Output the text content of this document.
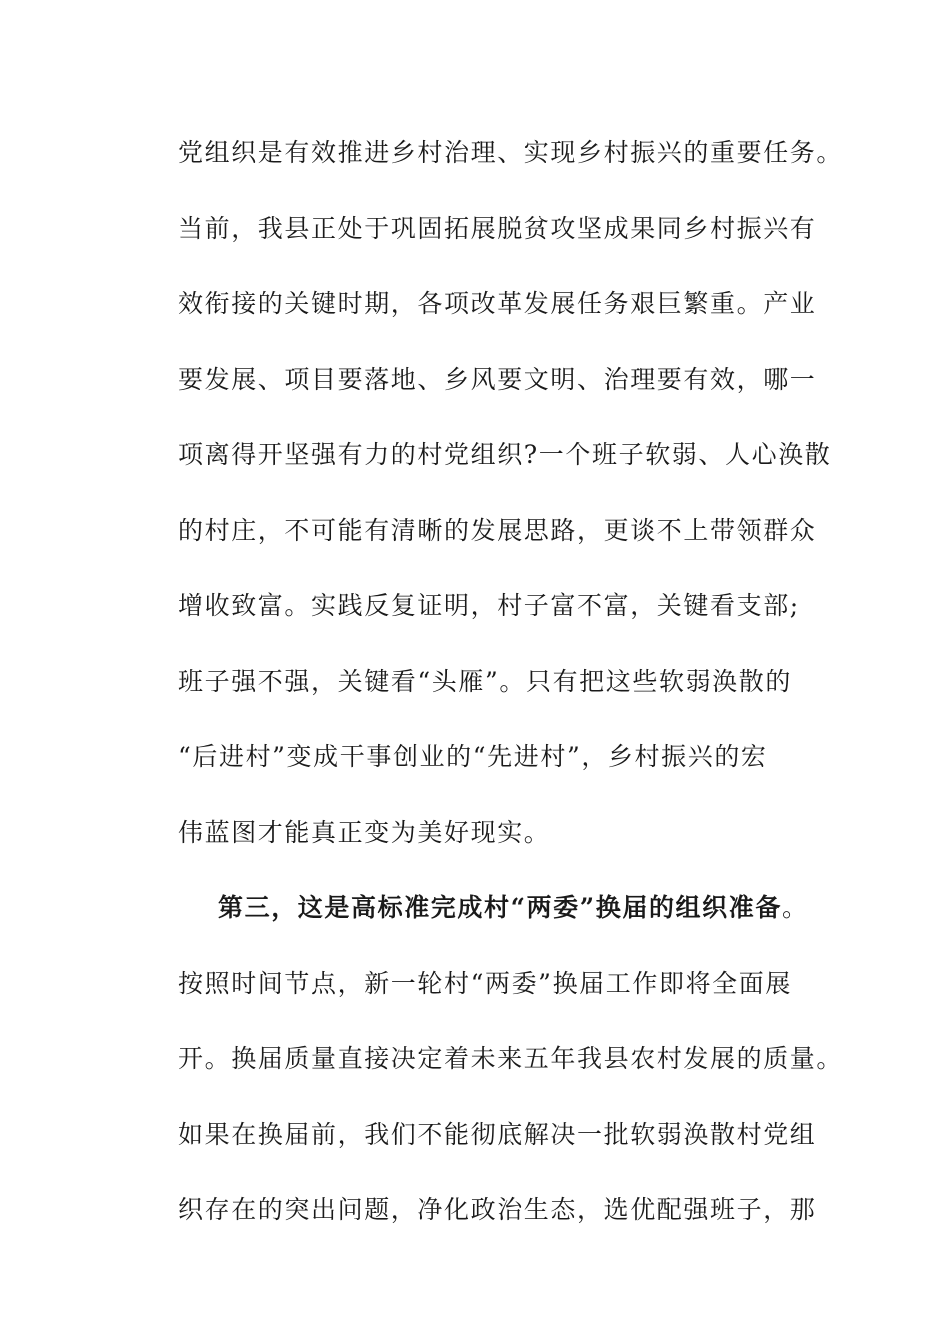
党组织是有效推进乡村治理、实现乡村振兴的重要任务。
当前，我县正处于巩固拓展脱贫攻坚成果同乡村振兴有
效衔接的关键时期，各项改革发展任务艰巨繁重。产业
要发展、项目要落地、乡风要文明、治理要有效，哪一
项离得开坚强有力的村党组织?一个班子软弱、人心涣散
的村庄，不可能有清晰的发展思路，更谈不上带领群众
增收致富。实践反复证明，村子富不富，关键看支部;
班子强不强，关键看“头雁”。只有把这些软弱涣散的
“后进村”变成干事创业的“先进村”，乡村振兴的宏
伟蓝图才能真正变为美好现实。
第三，这是高标准完成村“两委”换届的组织准备。
按照时间节点，新一轮村“两委”换届工作即将全面展
开。换届质量直接决定着未来五年我县农村发展的质量。
如果在换届前，我们不能彻底解决一批软弱涣散村党组
织存在的突出问题，净化政治生态，选优配强班子，那
